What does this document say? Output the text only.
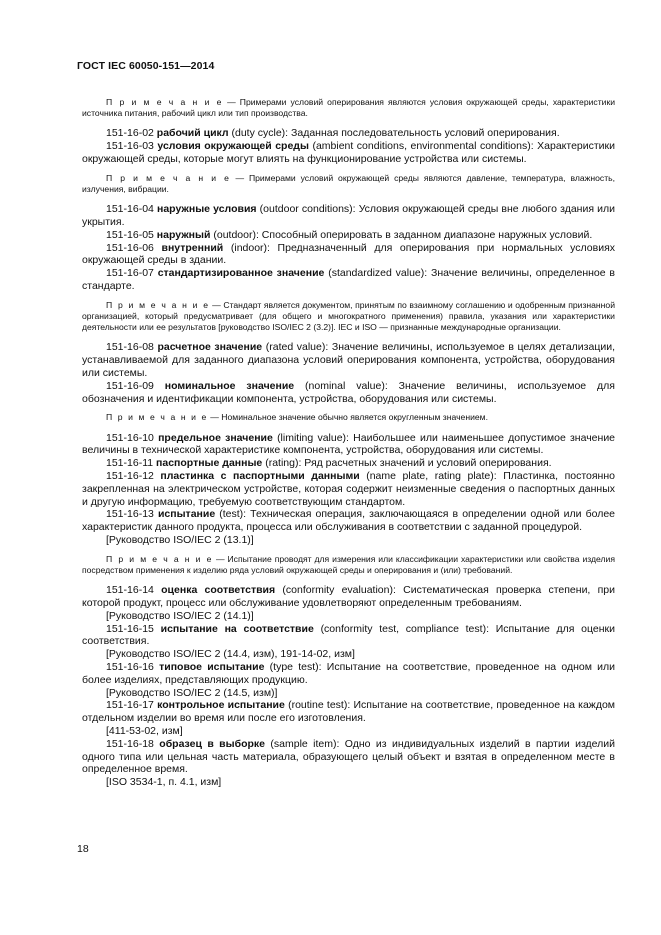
ГОСТ IEC 60050-151—2014

П р и м е ч а н и е — Примерами условий оперирования являются условия окружающей среды, характеристики источника питания, рабочий цикл или тип производства.

151-16-02 рабочий цикл (duty cycle): Заданная последовательность условий оперирования.

151-16-03 условия окружающей среды (ambient conditions, environmental conditions): Характеристики окружающей среды, которые могут влиять на функционирование устройства или системы.

П р и м е ч а н и е — Примерами условий окружающей среды являются давление, температура, влажность, излучения, вибрации.

151-16-04 наружные условия (outdoor conditions): Условия окружающей среды вне любого здания или укрытия.

151-16-05 наружный (outdoor): Способный оперировать в заданном диапазоне наружных условий.

151-16-06 внутренний (indoor): Предназначенный для оперирования при нормальных условиях окружающей среды в здании.

151-16-07 стандартизированное значение (standardized value): Значение величины, определенное в стандарте.

П р и м е ч а н и е — Стандарт является документом, принятым по взаимному соглашению и одобренным признанной организацией, который предусматривает (для общего и многократного применения) правила, указания или характеристики деятельности или ее результатов [руководство ISO/IEC 2 (3.2)]. IEC и ISO — признанные международные организации.

151-16-08 расчетное значение (rated value): Значение величины, используемое в целях детализации, устанавливаемой для заданного диапазона условий оперирования компонента, устройства, оборудования или системы.

151-16-09 номинальное значение (nominal value): Значение величины, используемое для обозначения и идентификации компонента, устройства, оборудования или системы.

П р и м е ч а н и е — Номинальное значение обычно является округленным значением.

151-16-10 предельное значение (limiting value): Наибольшее или наименьшее допустимое значение величины в технической характеристике компонента, устройства, оборудования или системы.

151-16-11 паспортные данные (rating): Ряд расчетных значений и условий оперирования.

151-16-12 пластинка с паспортными данными (name plate, rating plate): Пластинка, постоянно закрепленная на электрическом устройстве, которая содержит неизменные сведения о паспортных данных и другую информацию, требуемую соответствующим стандартом.

151-16-13 испытание (test): Техническая операция, заключающаяся в определении одной или более характеристик данного продукта, процесса или обслуживания в соответствии с заданной процедурой.

[Руководство ISO/IEC 2 (13.1)]

П р и м е ч а н и е — Испытание проводят для измерения или классификации характеристики или свойства изделия посредством применения к изделию ряда условий окружающей среды и оперирования и (или) требований.

151-16-14 оценка соответствия (conformity evaluation): Систематическая проверка степени, при которой продукт, процесс или обслуживание удовлетворяют определенным требованиям.

[Руководство ISO/IEC 2 (14.1)]

151-16-15 испытание на соответствие (conformity test, compliance test): Испытание для оценки соответствия.

[Руководство ISO/IEC 2 (14.4, изм), 191-14-02, изм]

151-16-16 типовое испытание (type test): Испытание на соответствие, проведенное на одном или более изделиях, представляющих продукцию.

[Руководство ISO/IEC 2 (14.5, изм)]

151-16-17 контрольное испытание (routine test): Испытание на соответствие, проведенное на каждом отдельном изделии во время или после его изготовления.

[411-53-02, изм]

151-16-18 образец в выборке (sample item): Одно из индивидуальных изделий в партии изделий одного типа или цельная часть материала, образующего целый объект и взятая в определенном месте в определенное время.

[ISO 3534-1, п. 4.1, изм]

18
